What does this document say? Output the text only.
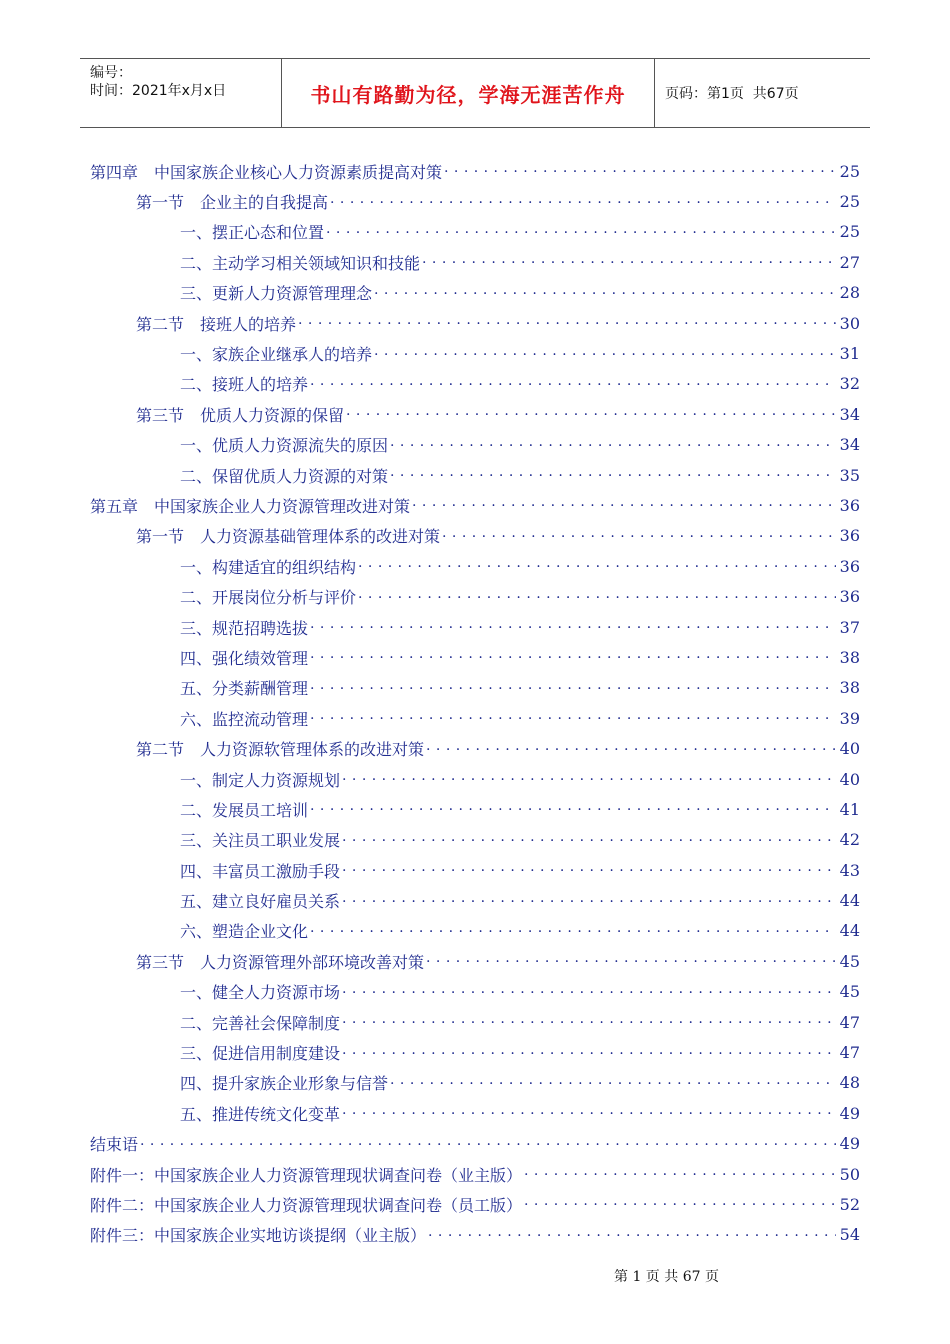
编号：
时间：2021年x月x日	书山有路勤为径，学海无涯苦作舟	页码：第1页  共67页
第四章　中国家族企业核心人力资源素质提高对策 . . .	25
第一节　企业主的自我提高 . . .	25
一、摆正心态和位置 . . .	25
二、主动学习相关领域知识和技能 . . .	27
三、更新人力资源管理理念 . . .	28
第二节　接班人的培养 . . .	30
一、家族企业继承人的培养 . . .	31
二、接班人的培养 . . .	32
第三节　优质人力资源的保留 . . .	34
一、优质人力资源流失的原因 . . .	34
二、保留优质人力资源的对策 . . .	35
第五章　中国家族企业人力资源管理改进对策 . . .	36
第一节　人力资源基础管理体系的改进对策 . . .	36
一、构建适宜的组织结构 . . .	36
二、开展岗位分析与评价 . . .	36
三、规范招聘选拔 . . .	37
四、强化绩效管理 . . .	38
五、分类薪酬管理 . . .	38
六、监控流动管理 . . .	39
第二节　人力资源软管理体系的改进对策 . . .	40
一、制定人力资源规划 . . .	40
二、发展员工培训 . . .	41
三、关注员工职业发展 . . .	42
四、丰富员工激励手段 . . .	43
五、建立良好雇员关系 . . .	44
六、塑造企业文化 . . .	44
第三节　人力资源管理外部环境改善对策 . . .	45
一、健全人力资源市场 . . .	45
二、完善社会保障制度 . . .	47
三、促进信用制度建设 . . .	47
四、提升家族企业形象与信誉 . . .	48
五、推进传统文化变革 . . .	49
结束语 . . .	49
附件一：中国家族企业人力资源管理现状调查问卷（业主版） . . .	50
附件二：中国家族企业人力资源管理现状调查问卷（员工版） . . .	52
附件三：中国家族企业实地访谈提纲（业主版） . . .	54
第 1 页 共 67 页
